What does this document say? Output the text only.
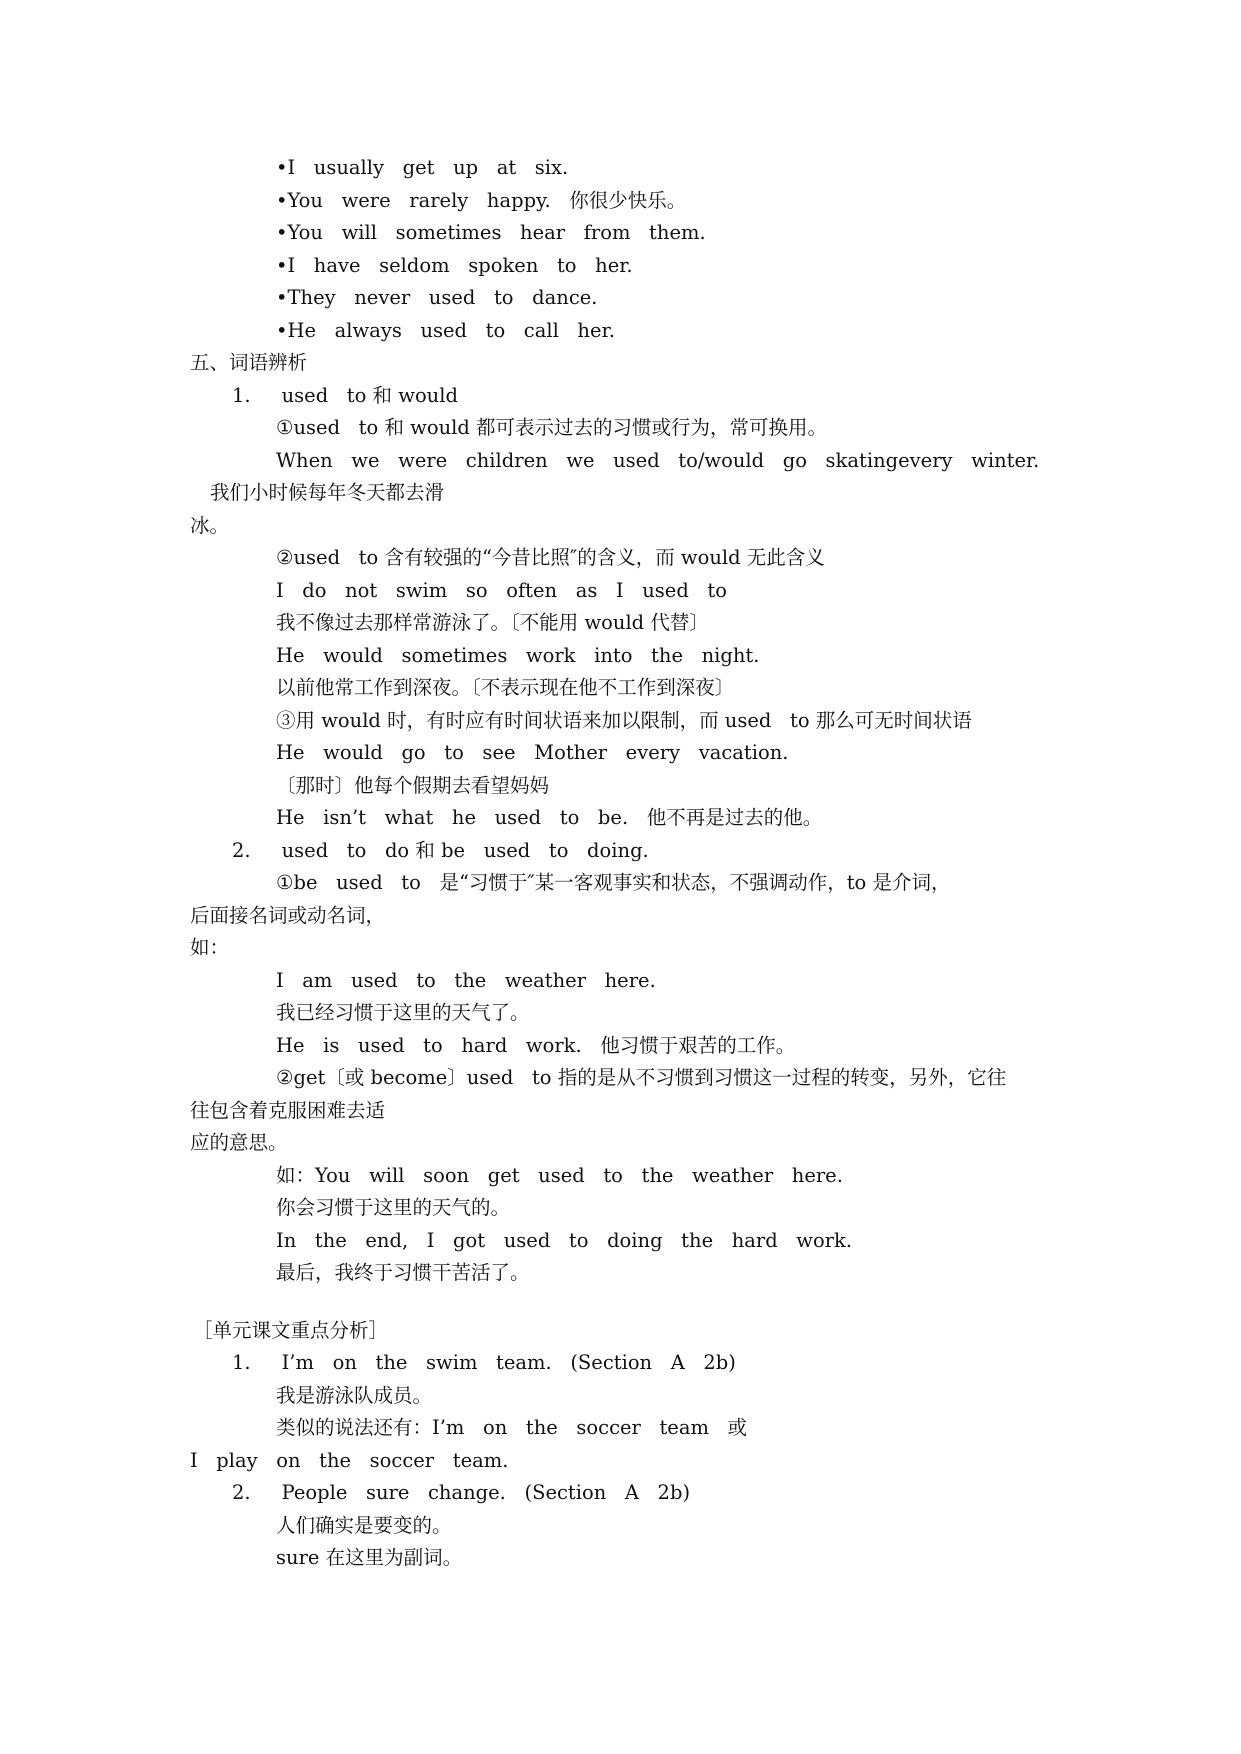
•I   usually   get   up   at   six.
•You   were   rarely   happy.   你很少快乐。
•You   will   sometimes   hear   from   them.
•I   have   seldom   spoken   to   her.
•They   never   used   to   dance.
•He   always   used   to   call   her.
五、词语辨析
1.     used   to 和 would
①used   to 和 would 都可表示过去的习惯或行为，常可换用。
When   we   were   children   we   used   to/would   go   skatingevery   winter.
我们小时候每年冬天都去滑
冰。
②used   to 含有较强的“今昔比照″的含义，而 would 无此含义
I   do   not   swim   so   often   as   I   used   to
我不像过去那样常游泳了。〔不能用 would 代替〕
He   would   sometimes   work   into   the   night.
以前他常工作到深夜。〔不表示现在他不工作到深夜〕
③用 would 时，有时应有时间状语来加以限制，而 used   to 那么可无时间状语
He   would   go   to   see   Mother   every   vacation.
〔那时〕他每个假期去看望妈妈
He   isn’t   what   he   used   to   be.   他不再是过去的他。
2.     used   to   do 和 be   used   to   doing.
①be   used   to   是“习惯于″某一客观事实和状态，不强调动作，to 是介词，
后面接名词或动名词，
如：
I   am   used   to   the   weather   here.
我已经习惯于这里的天气了。
He   is   used   to   hard   work.   他习惯于艰苦的工作。
②get〔或 become〕used   to 指的是从不习惯到习惯这一过程的转变，另外，它往
往包含着克服困难去适
应的意思。
如：You   will   soon   get   used   to   the   weather   here.
你会习惯于这里的天气的。
In   the   end,   I   got   used   to   doing   the   hard   work.
最后，我终于习惯干苦活了。
［单元课文重点分析］
1.     I’m   on   the   swim   team.   (Section   A   2b)
我是游泳队成员。
类似的说法还有：I’m   on   the   soccer   team   或
I   play   on   the   soccer   team.
2.     People   sure   change.   (Section   A   2b)
人们确实是要变的。
sure 在这里为副词。
